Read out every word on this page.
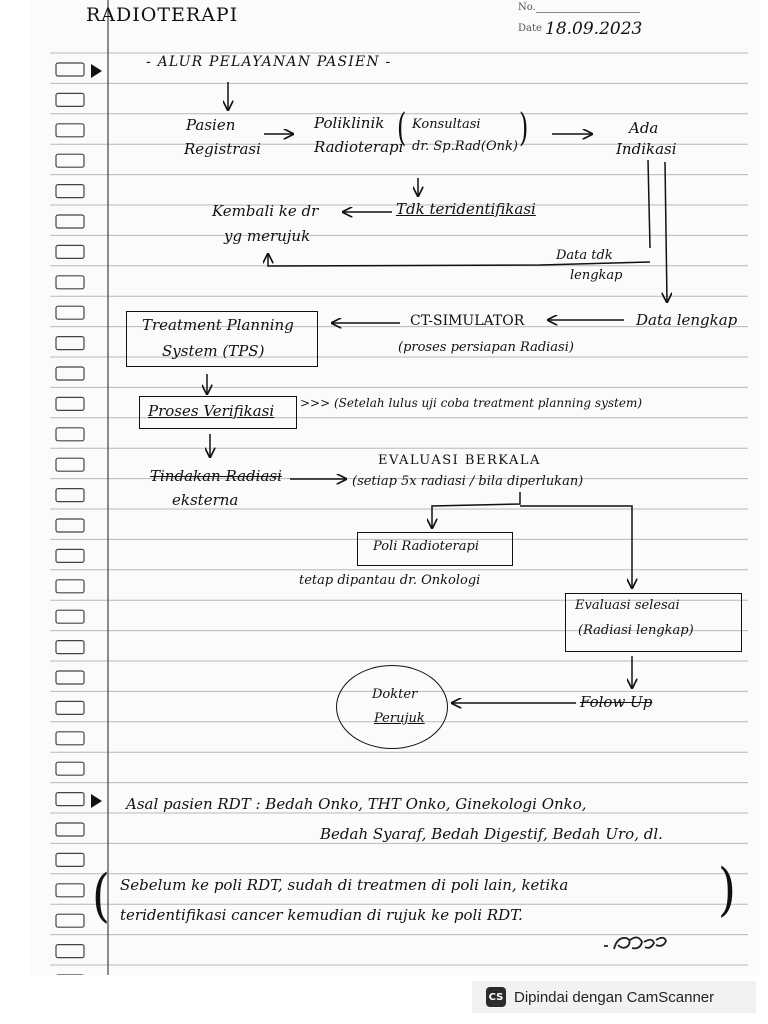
RADIOTERAPI	No.
Date 18.09.2023
- ALUR PELAYANAN PASIEN -
Pasien
Registrasi
Poliklinik
Radioterapi
( Konsultasi
dr. Sp.Rad(Onk) )	Ada
Indikasi
Kembali ke dr
yg merujuk
Tdk teridentifikasi
Data tdk
lengkap
Data lengkap
CT-SIMULATOR
(proses persiapan Radiasi)
Treatment Planning
System (TPS)
Proses Verifikasi >>> (Setelah lulus uji coba treatment planning system)
Tindakan Radiasi
eksterna
EVALUASI BERKALA
(setiap 5x radiasi / bila diperlukan)
Poli Radioterapi
tetap dipantau dr. Onkologi
Evaluasi selesai
(Radiasi lengkap)
Folow Up
Dokter
Perujuk
Asal pasien RDT : Bedah Onko, THT Onko, Ginekologi Onko,
Bedah Syaraf, Bedah Digestif, Bedah Uro, dl.
( Sebelum ke poli RDT, sudah di treatmen di poli lain, ketika
teridentifikasi cancer kemudian di rujuk ke poli RDT.	)
CS Dipindai dengan CamScanner
